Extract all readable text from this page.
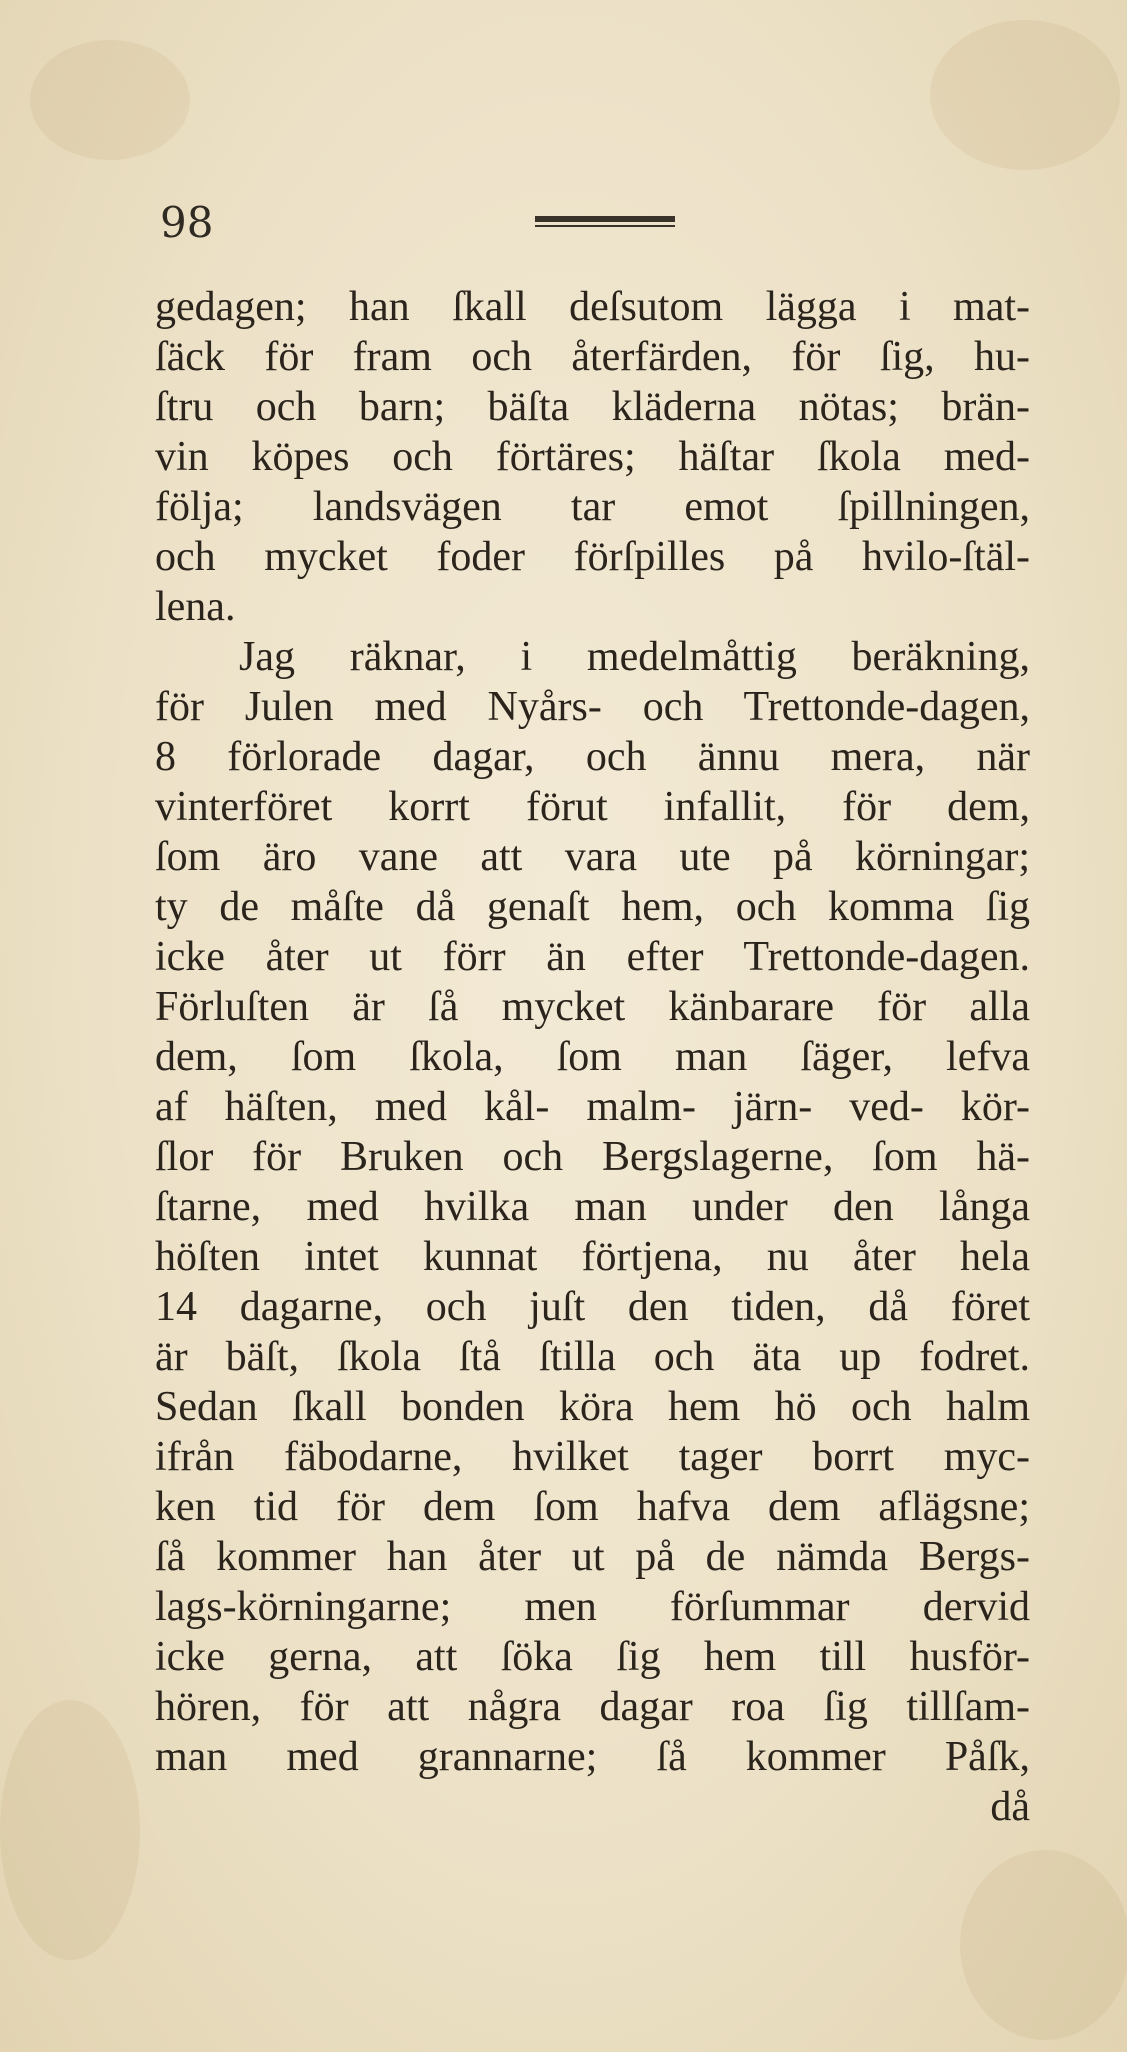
98
gedagen; han ſkall deſsutom lägga i mat-
ſäck för fram och återfärden, för ſig, hu-
ſtru och barn; bäſta kläderna nötas; brän-
vin köpes och förtäres; häſtar ſkola med-
följa; landsvägen tar emot ſpillningen,
och mycket foder förſpilles på hvilo-ſtäl-
lena.
Jag räknar, i medelmåttig beräkning,
för Julen med Nyårs- och Trettonde-dagen,
8 förlorade dagar, och ännu mera, när
vinterföret korrt förut infallit, för dem,
ſom äro vane att vara ute på körningar;
ty de måſte då genaſt hem, och komma ſig
icke åter ut förr än efter Trettonde-dagen.
Förluſten är ſå mycket känbarare för alla
dem, ſom ſkola, ſom man ſäger, lefva
af häſten, med kål- malm- järn- ved- kör-
ſlor för Bruken och Bergslagerne, ſom hä-
ſtarne, med hvilka man under den långa
höſten intet kunnat förtjena, nu åter hela
14 dagarne, och juſt den tiden, då föret
är bäſt, ſkola ſtå ſtilla och äta up fodret.
Sedan ſkall bonden köra hem hö och halm
ifrån fäbodarne, hvilket tager borrt myc-
ken tid för dem ſom hafva dem aflägsne;
ſå kommer han åter ut på de nämda Bergs-
lags-körningarne; men förſummar dervid
icke gerna, att ſöka ſig hem till husför-
hören, för att några dagar roa ſig tillſam-
man med grannarne; ſå kommer Påſk,
då
